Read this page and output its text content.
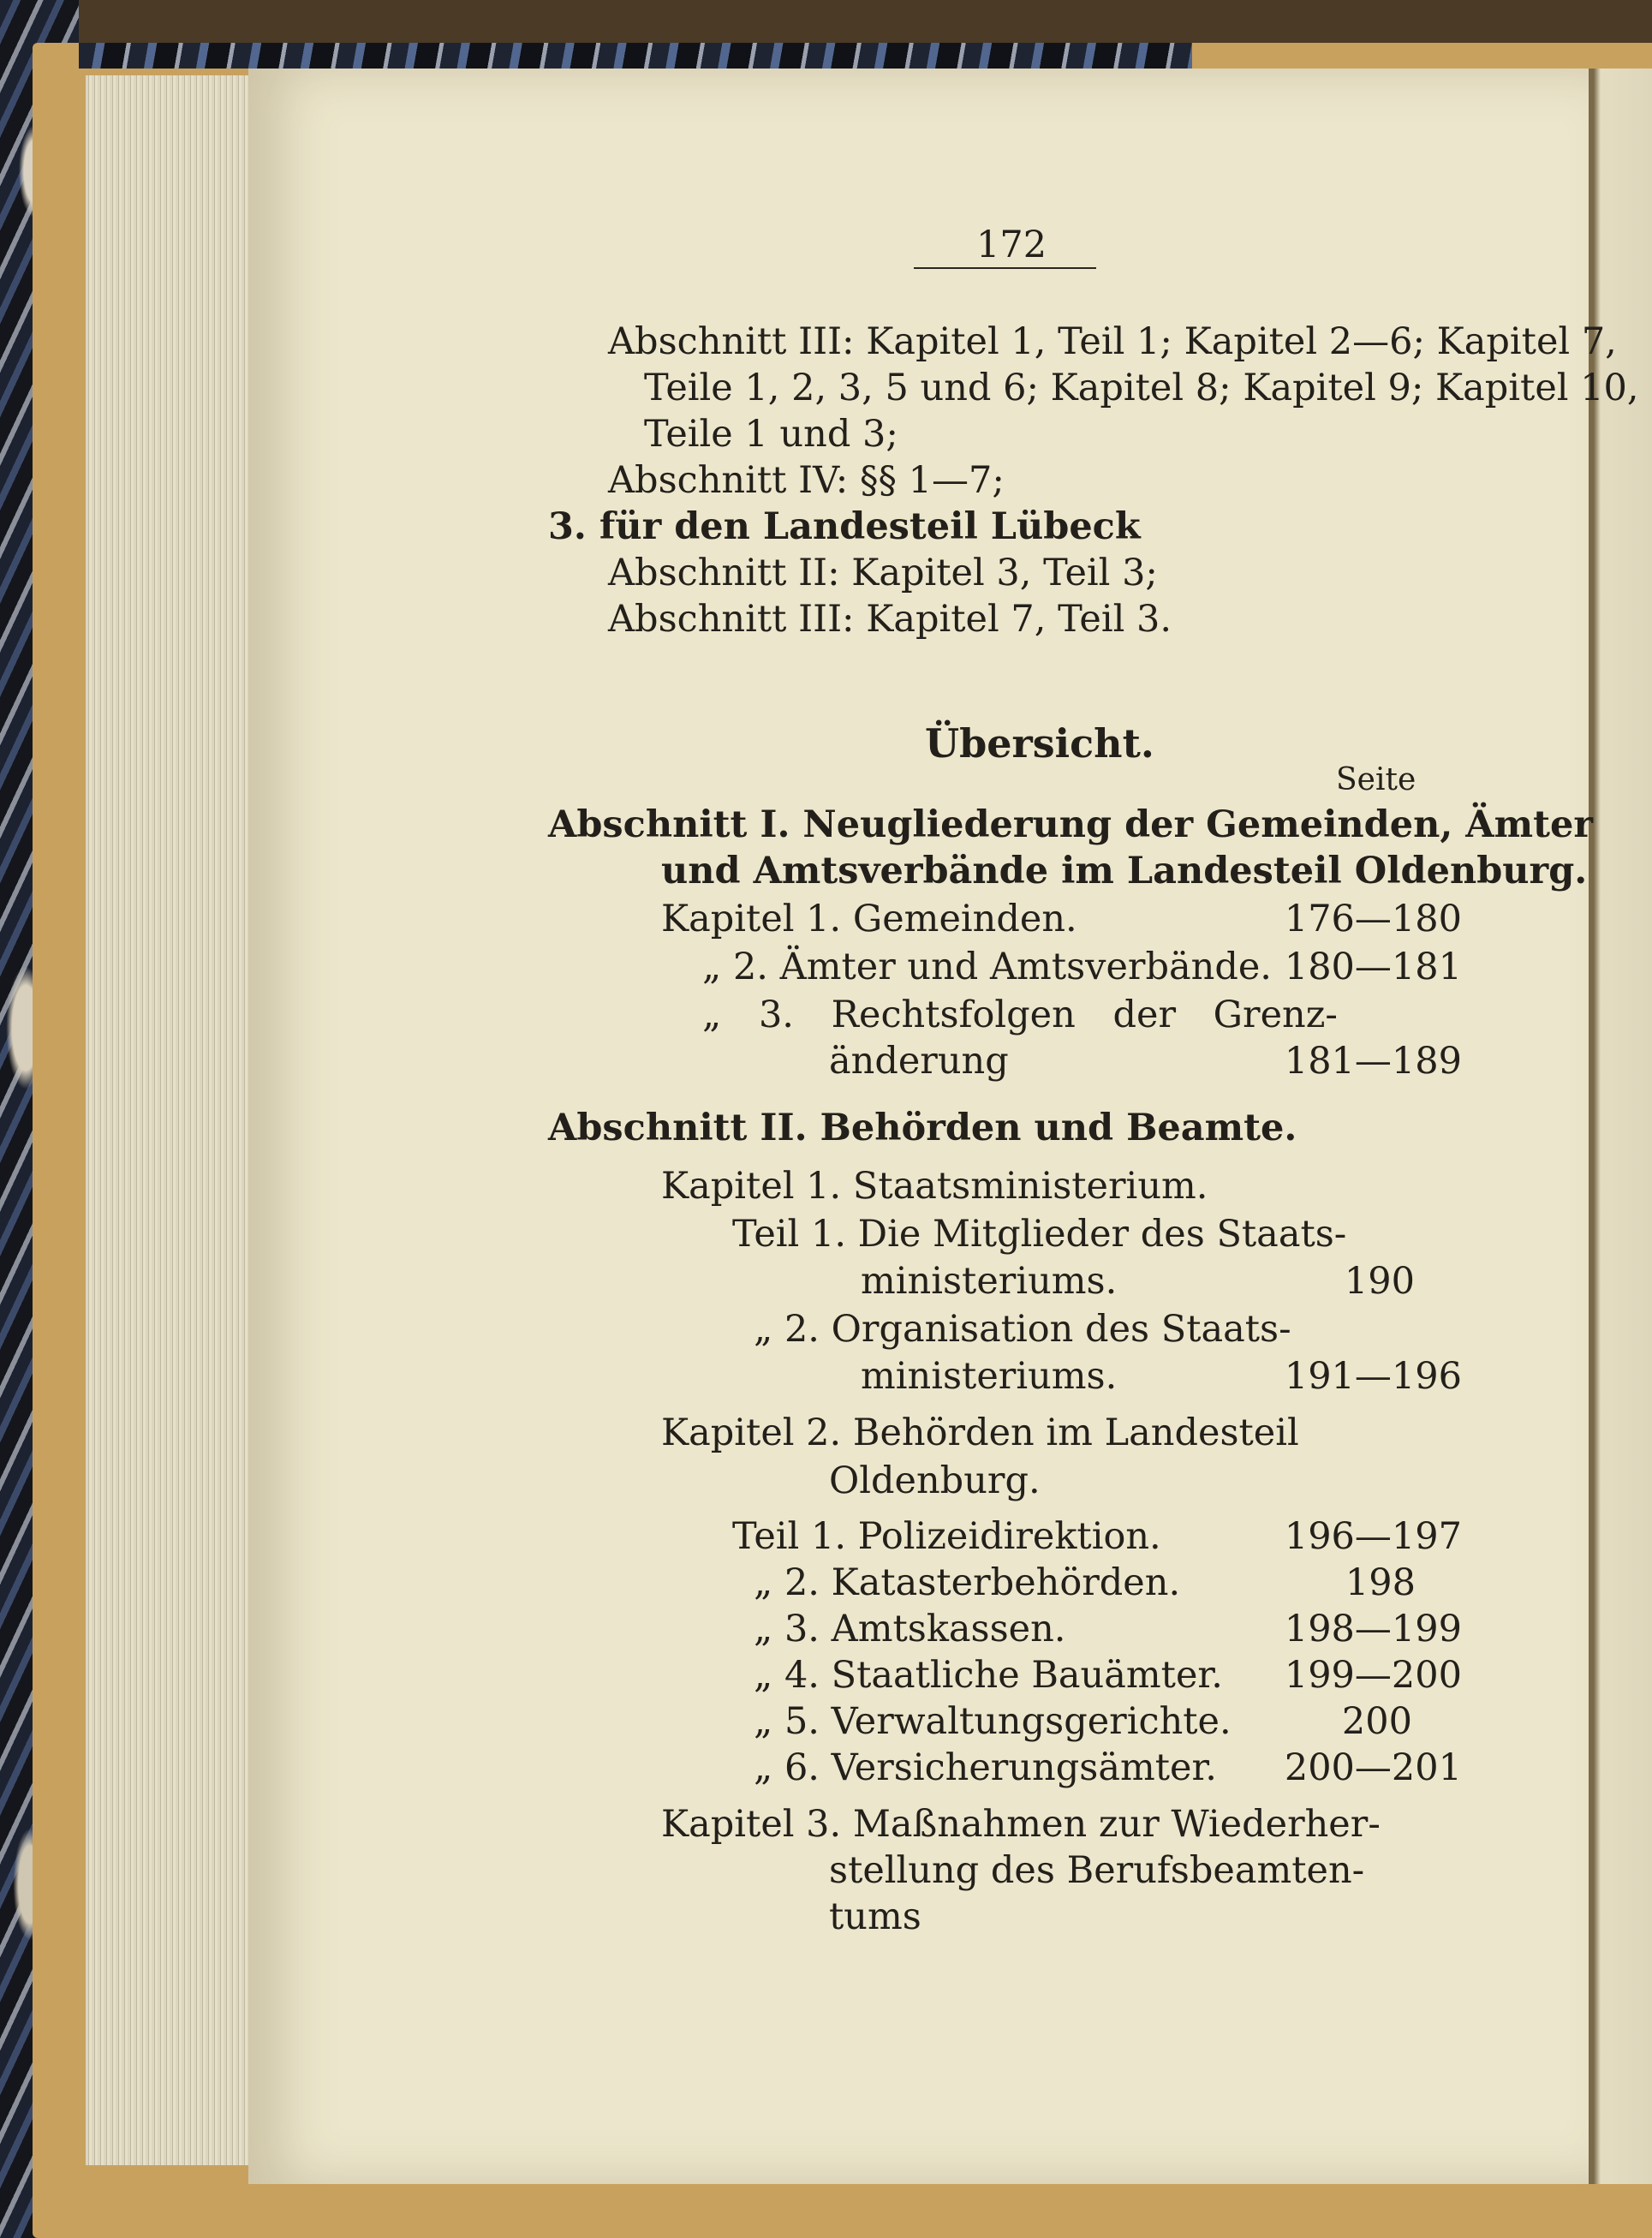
172
Abschnitt III: Kapitel 1, Teil 1; Kapitel 2—6; Kapitel 7,
Teile 1, 2, 3, 5 und 6; Kapitel 8; Kapitel 9; Kapitel 10,
Teile 1 und 3;
Abschnitt IV: §§ 1—7;
3. für den Landesteil Lübeck
Abschnitt II: Kapitel 3, Teil 3;
Abschnitt III: Kapitel 7, Teil 3.
Übersicht.
Seite
Abschnitt I. Neugliederung der Gemeinden, Ämter
und Amtsverbände im Landesteil Oldenburg.
Kapitel 1. Gemeinden.	176—180
„ 2. Ämter und Amtsverbände. 180—181
„ 3. Rechtsfolgen der Grenz-
änderung	181—189
Abschnitt II. Behörden und Beamte.
Kapitel 1. Staatsministerium.
Teil 1. Die Mitglieder des Staats-
ministeriums.	190
„ 2. Organisation des Staats-
ministeriums.	191—196
Kapitel 2. Behörden im Landesteil
Oldenburg.
Teil 1. Polizeidirektion.	196—197
„ 2. Katasterbehörden.	198
„ 3. Amtskassen.	198—199
„ 4. Staatliche Bauämter. 199—200
„ 5. Verwaltungsgerichte.	200
„ 6. Versicherungsämter. 200—201
Kapitel 3. Maßnahmen zur Wiederher-
stellung des Berufsbeamten-
tums
